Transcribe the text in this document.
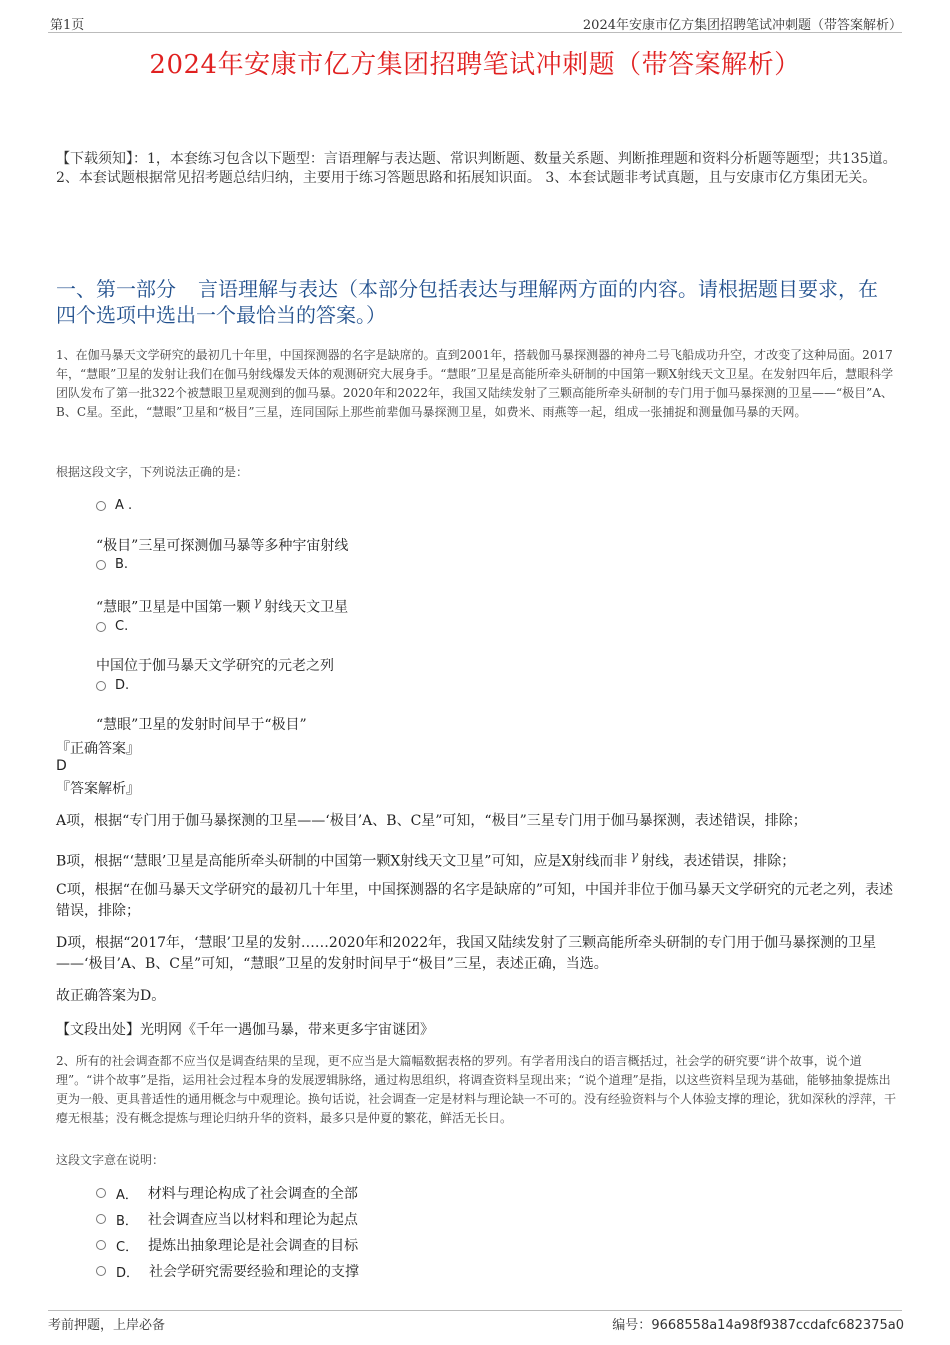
第1页	2024年安康市亿方集团招聘笔试冲刺题（带答案解析）
2024年安康市亿方集团招聘笔试冲刺题（带答案解析）
【下载须知】：1，本套练习包含以下题型：言语理解与表达题、常识判断题、数量关系题、判断推理题和资料分析题等题型；共135道。 2、本套试题根据常见招考题总结归纳，主要用于练习答题思路和拓展知识面。 3、本套试题非考试真题，且与安康市亿方集团无关。
一、第一部分 言语理解与表达（本部分包括表达与理解两方面的内容。请根据题目要求，在四个选项中选出一个最恰当的答案。）
1、在伽马暴天文学研究的最初几十年里，中国探测器的名字是缺席的。直到2001年，搭载伽马暴探测器的神舟二号飞船成功升空，才改变了这种局面。2017年，“慧眼”卫星的发射让我们在伽马射线爆发天体的观测研究大展身手。“慧眼”卫星是高能所牵头研制的中国第一颗X射线天文卫星。在发射四年后，慧眼科学团队发布了第一批322个被慧眼卫星观测到的伽马暴。2020年和2022年，我国又陆续发射了三颗高能所牵头研制的专门用于伽马暴探测的卫星——“极目”A、B、C星。至此，“慧眼”卫星和“极目”三星，连同国际上那些前辈伽马暴探测卫星，如费米、雨燕等一起，组成一张捕捉和测量伽马暴的天网。
根据这段文字，下列说法正确的是：
A .
“极目”三星可探测伽马暴等多种宇宙射线
B.
“慧眼”卫星是中国第一颗 γ 射线天文卫星
C.
中国位于伽马暴天文学研究的元老之列
D.
“慧眼”卫星的发射时间早于“极目”
『正确答案』
D
『答案解析』
A项，根据“专门用于伽马暴探测的卫星——‘极目’A、B、C星”可知，“极目”三星专门用于伽马暴探测，表述错误，排除；
B项，根据“‘慧眼’卫星是高能所牵头研制的中国第一颗X射线天文卫星”可知，应是X射线而非 γ 射线，表述错误，排除；
C项，根据“在伽马暴天文学研究的最初几十年里，中国探测器的名字是缺席的”可知，中国并非位于伽马暴天文学研究的元老之列，表述错误，排除；
D项，根据“2017年，‘慧眼’卫星的发射……2020年和2022年，我国又陆续发射了三颗高能所牵头研制的专门用于伽马暴探测的卫星——‘极目’A、B、C星”可知，“慧眼”卫星的发射时间早于“极目”三星，表述正确，当选。
故正确答案为D。
【文段出处】光明网《千年一遇伽马暴，带来更多宇宙谜团》
2、所有的社会调查都不应当仅是调查结果的呈现，更不应当是大篇幅数据表格的罗列。有学者用浅白的语言概括过，社会学的研究要“讲个故事，说个道理”。“讲个故事”是指，运用社会过程本身的发展逻辑脉络，通过构思组织，将调查资料呈现出来；“说个道理”是指，以这些资料呈现为基础，能够抽象提炼出更为一般、更具普适性的通用概念与中观理论。换句话说，社会调查一定是材料与理论缺一不可的。没有经验资料与个人体验支撑的理论，犹如深秋的浮萍，干瘪无根基；没有概念提炼与理论归纳升华的资料，最多只是仲夏的繁花，鲜活无长日。
这段文字意在说明：
A． 材料与理论构成了社会调查的全部
B． 社会调查应当以材料和理论为起点
C． 提炼出抽象理论是社会调查的目标
D． 社会学研究需要经验和理论的支撑
考前押题，上岸必备	编号：9668558a14a98f9387ccdafc682375a0
